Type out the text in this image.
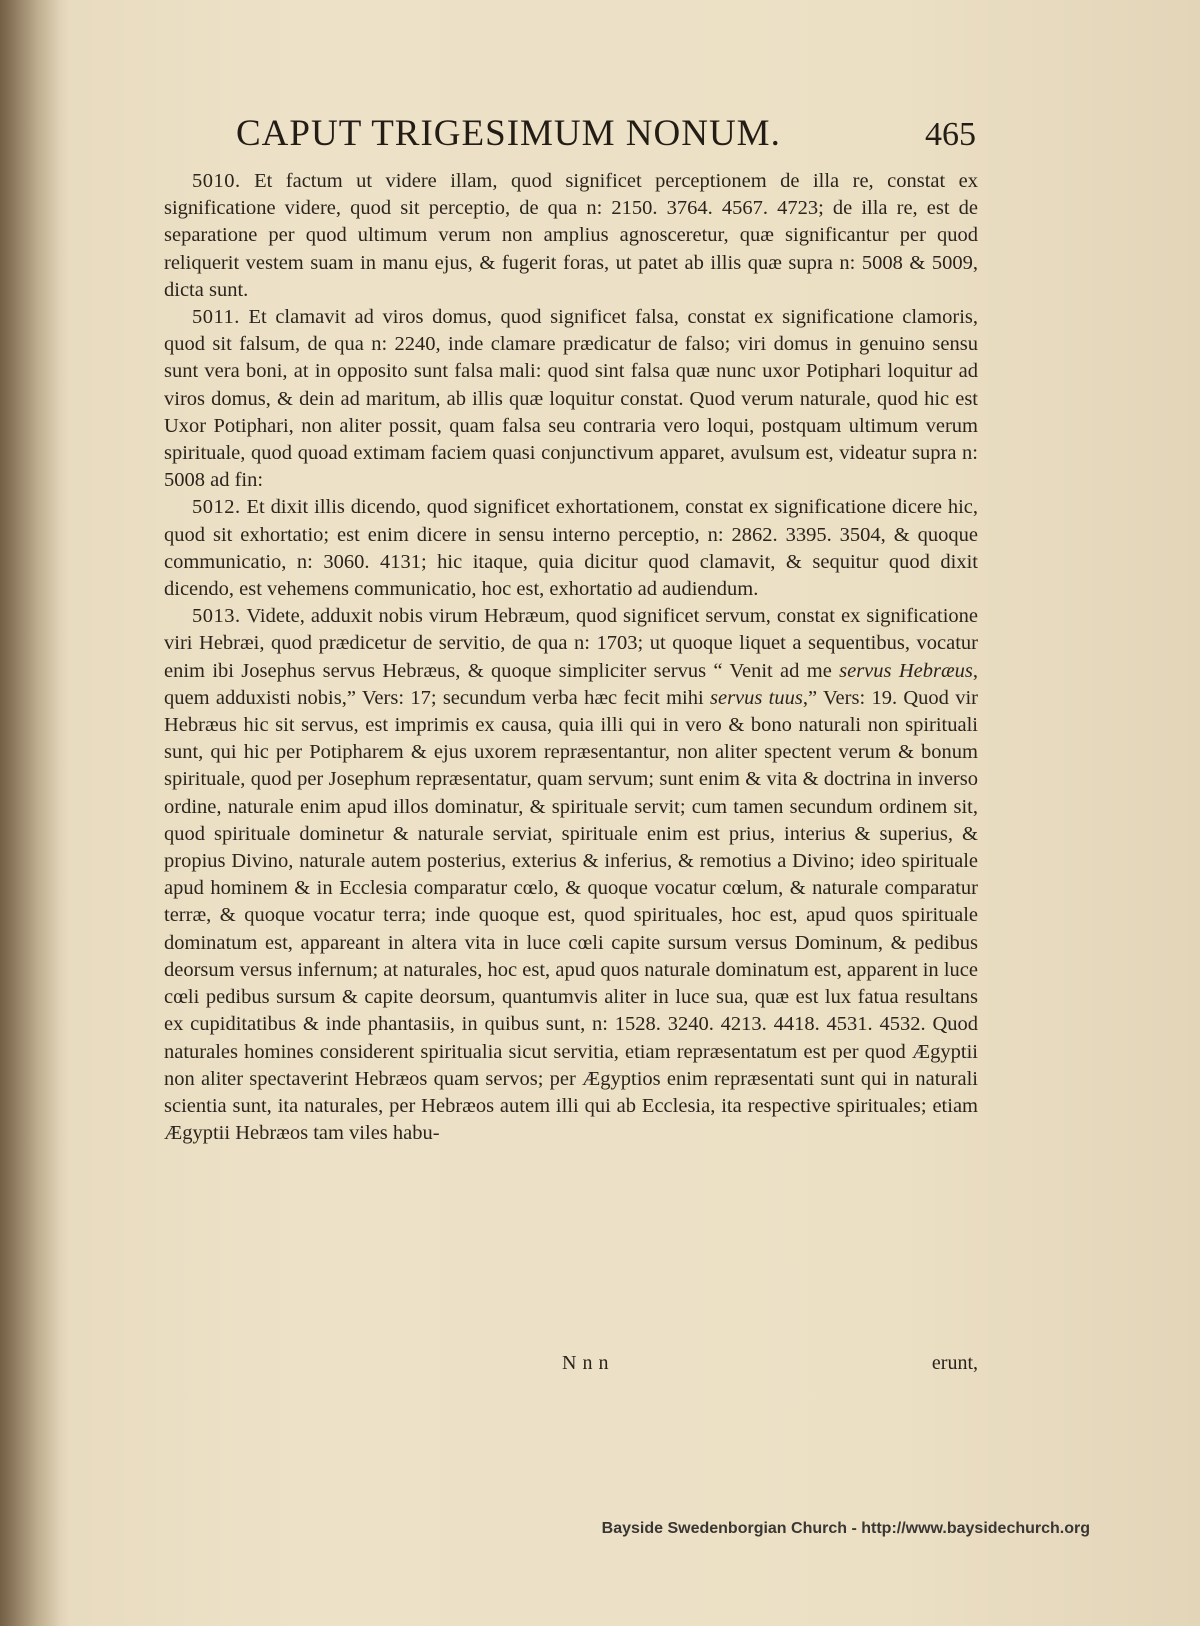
CAPUT TRIGESIMUM NONUM.	465

5010. Et factum ut videre illam, quod significet perceptionem de illa re, constat ex significatione videre, quod sit perceptio, de qua n: 2150. 3764. 4567. 4723; de illa re, est de separatione per quod ultimum verum non amplius agnosceretur, quæ significantur per quod reliquerit vestem suam in manu ejus, & fugerit foras, ut patet ab illis quæ supra n: 5008 & 5009, dicta sunt.

5011. Et clamavit ad viros domus, quod significet falsa, constat ex significatione clamoris, quod sit falsum, de qua n: 2240, inde clamare prædicatur de falso; viri domus in genuino sensu sunt vera boni, at in opposito sunt falsa mali: quod sint falsa quæ nunc uxor Potiphari loquitur ad viros domus, & dein ad maritum, ab illis quæ loquitur constat. Quod verum naturale, quod hic est Uxor Potiphari, non aliter possit, quam falsa seu contraria vero loqui, postquam ultimum verum spirituale, quod quoad extimam faciem quasi conjunctivum apparet, avulsum est, videatur supra n: 5008 ad fin:

5012. Et dixit illis dicendo, quod significet exhortationem, constat ex significatione dicere hic, quod sit exhortatio; est enim dicere in sensu interno perceptio, n: 2862. 3395. 3504, & quoque communicatio, n: 3060. 4131; hic itaque, quia dicitur quod clamavit, & sequitur quod dixit dicendo, est vehemens communicatio, hoc est, exhortatio ad audiendum.

5013. Videte, adduxit nobis virum Hebræum, quod significet servum, constat ex significatione viri Hebræi, quod prædicetur de servitio, de qua n: 1703; ut quoque liquet a sequentibus, vocatur enim ibi Josephus servus Hebræus, & quoque simpliciter servus “ Venit ad me servus Hebræus, quem adduxisti nobis,” Vers: 17; secundum verba hæc fecit mihi servus tuus,” Vers: 19. Quod vir Hebræus hic sit servus, est imprimis ex causa, quia illi qui in vero & bono naturali non spirituali sunt, qui hic per Potipharem & ejus uxorem repræsentantur, non aliter spectent verum & bonum spirituale, quod per Josephum repræsentatur, quam servum; sunt enim & vita & doctrina in inverso ordine, naturale enim apud illos dominatur, & spirituale servit; cum tamen secundum ordinem sit, quod spirituale dominetur & naturale serviat, spirituale enim est prius, interius & superius, & propius Divino, naturale autem posterius, exterius & inferius, & remotius a Divino; ideo spirituale apud hominem & in Ecclesia comparatur cœlo, & quoque vocatur cœlum, & naturale comparatur terræ, & quoque vocatur terra; inde quoque est, quod spirituales, hoc est, apud quos spirituale dominatum est, appareant in altera vita in luce cœli capite sursum versus Dominum, & pedibus deorsum versus infernum; at naturales, hoc est, apud quos naturale dominatum est, apparent in luce cœli pedibus sursum & capite deorsum, quantumvis aliter in luce sua, quæ est lux fatua resultans ex cupiditatibus & inde phantasiis, in quibus sunt, n: 1528. 3240. 4213. 4418. 4531. 4532. Quod naturales homines considerent spiritualia sicut servitia, etiam repræsentatum est per quod Ægyptii non aliter spectaverint Hebræos quam servos; per Ægyptios enim repræsentati sunt qui in naturali scientia sunt, ita naturales, per Hebræos autem illi qui ab Ecclesia, ita respective spirituales; etiam Ægyptii Hebræos tam viles habu-

Nnn	erunt,
Bayside Swedenborgian Church - http://www.baysidechurch.org
